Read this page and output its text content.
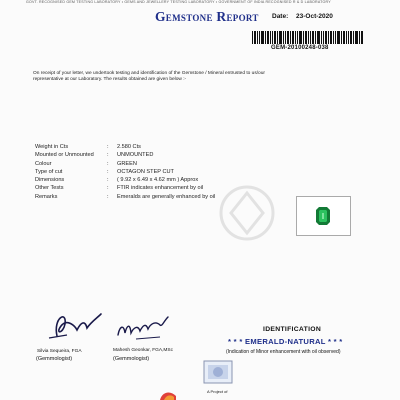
GOVT. RECOGNISED GEM TESTING LABORATORY • GEMS AND JEWELLERY TESTING LABORATORY • GOVERNMENT OF INDIA RECOGNISED R & D LABORATORY
Gemstone Report Date: 23-Oct-2020
GEM-20100248-038
On receipt of your letter, we undertook testing and identification of the Gemstone / Mineral entrusted to us/our representative at our Laboratory. The results obtained are given below :-
Weight in Cts	: 2.580 Cts
Mounted or Unmounted : UNMOUNTED
Colour	: GREEN
Type of cut	: OCTAGON STEP CUT
Dimensions	: ( 9.92 x 6.49 x 4.62 mm ) Approx
Other Tests	: FTIR indicates enhancement by oil
Remarks	: Emeralds are generally enhanced by oil
Silvia Sequeira, FGA
(Gemmologist)
Mahesh Geonkar, FGA,MSc
(Gemmologist)
A Project of
IDENTIFICATION
* * * EMERALD-NATURAL * * *
(Indication of Minor enhancement with oil observed)
